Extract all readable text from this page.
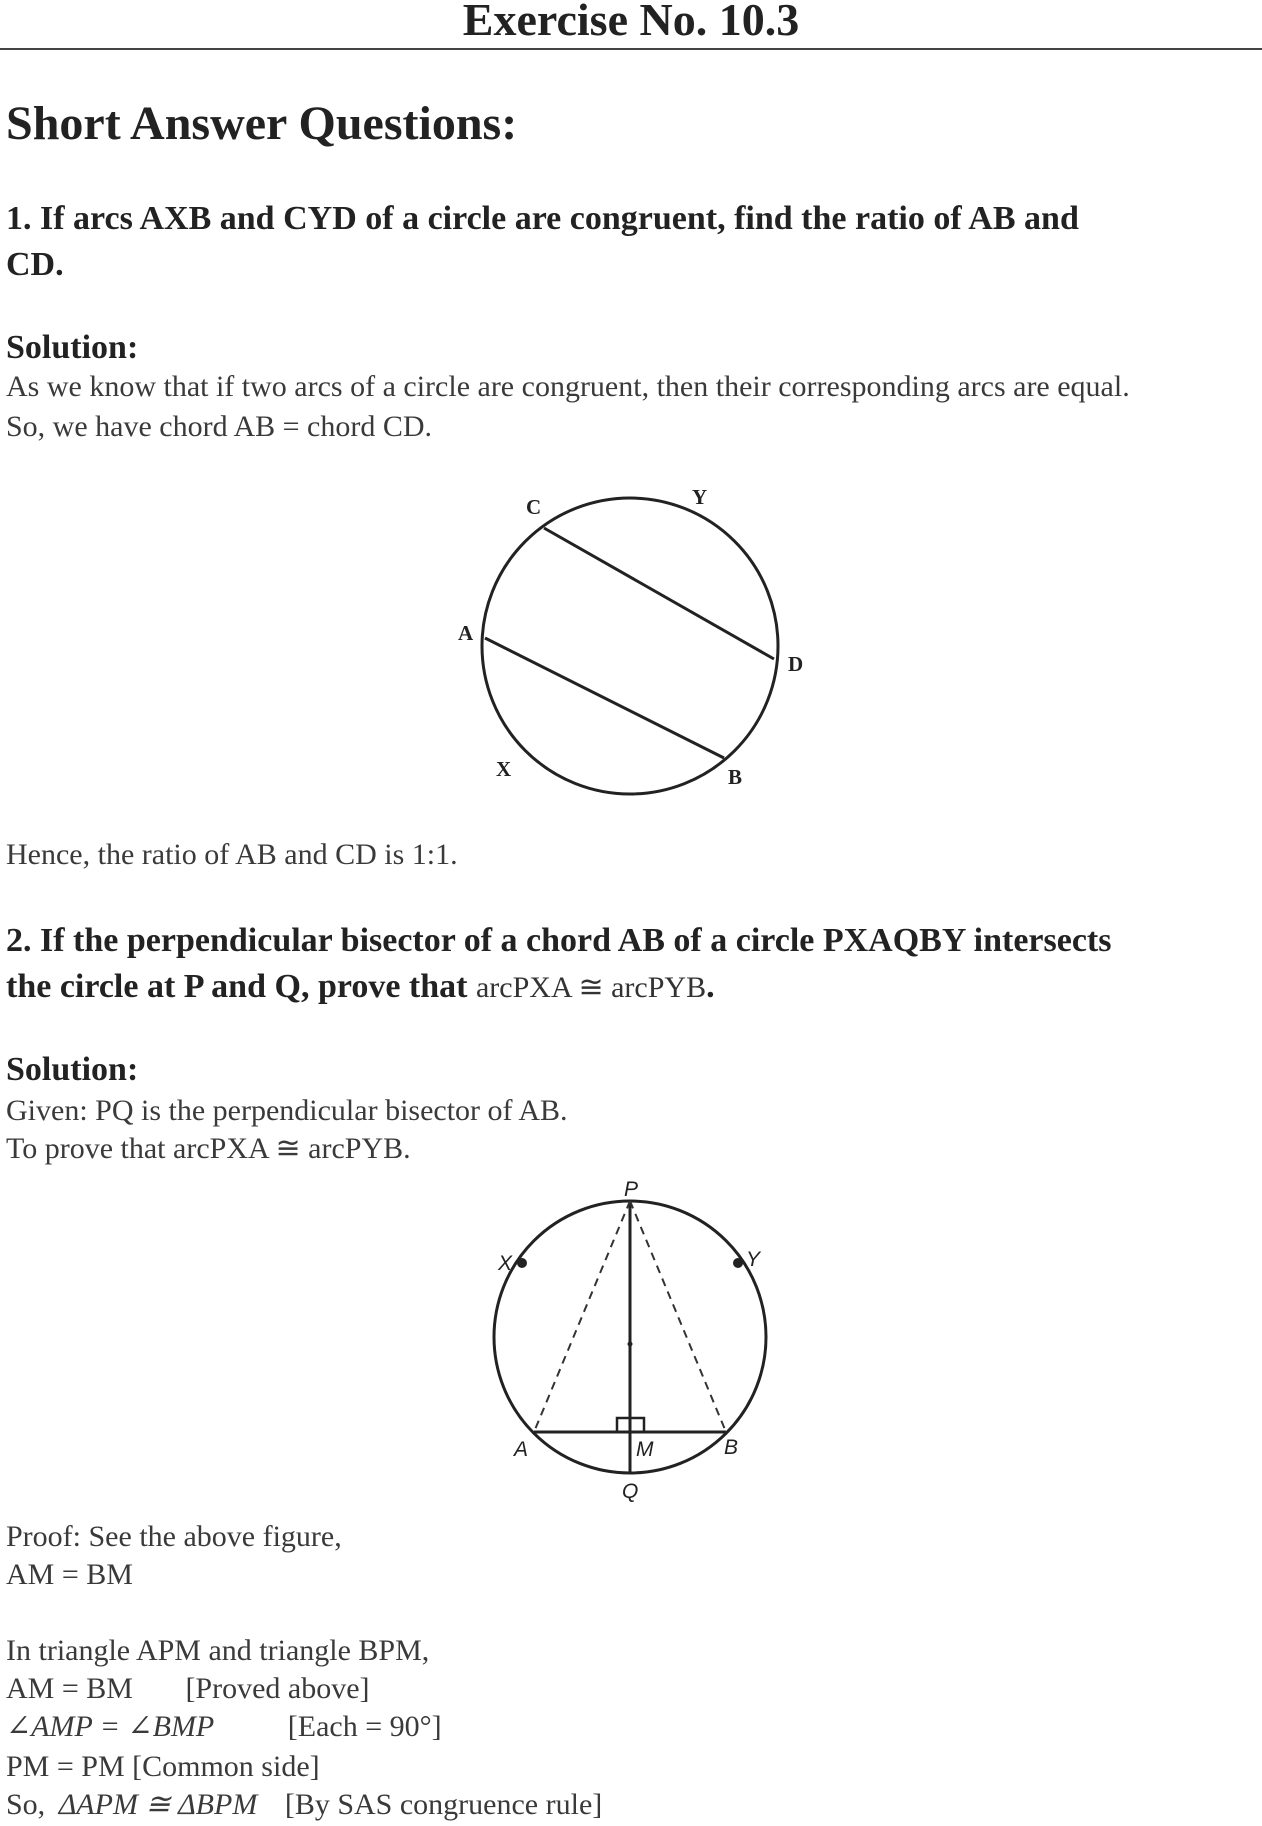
Exercise No. 10.3
Short Answer Questions:
1. If arcs AXB and CYD of a circle are congruent, find the ratio of AB and
CD.
Solution:
As we know that if two arcs of a circle are congruent, then their corresponding arcs are equal.
So, we have chord AB = chord CD.
C	Y
A
D
X	B
Hence, the ratio of AB and CD is 1:1.
2. If the perpendicular bisector of a chord AB of a circle PXAQBY intersects
the circle at P and Q, prove that arcPXA ≅ arcPYB.
Solution:
Given: PQ is the perpendicular bisector of AB.
To prove that arcPXA ≅ arcPYB.
P
X	Y
A	M	B
Q
Proof: See the above figure,
AM = BM
In triangle APM and triangle BPM,
AM = BM       [Proved above]
∠AMP = ∠BMP [Each = 90°]
PM = PM [Common side]
So, ΔAPM ≅ ΔBPM [By SAS congruence rule]
